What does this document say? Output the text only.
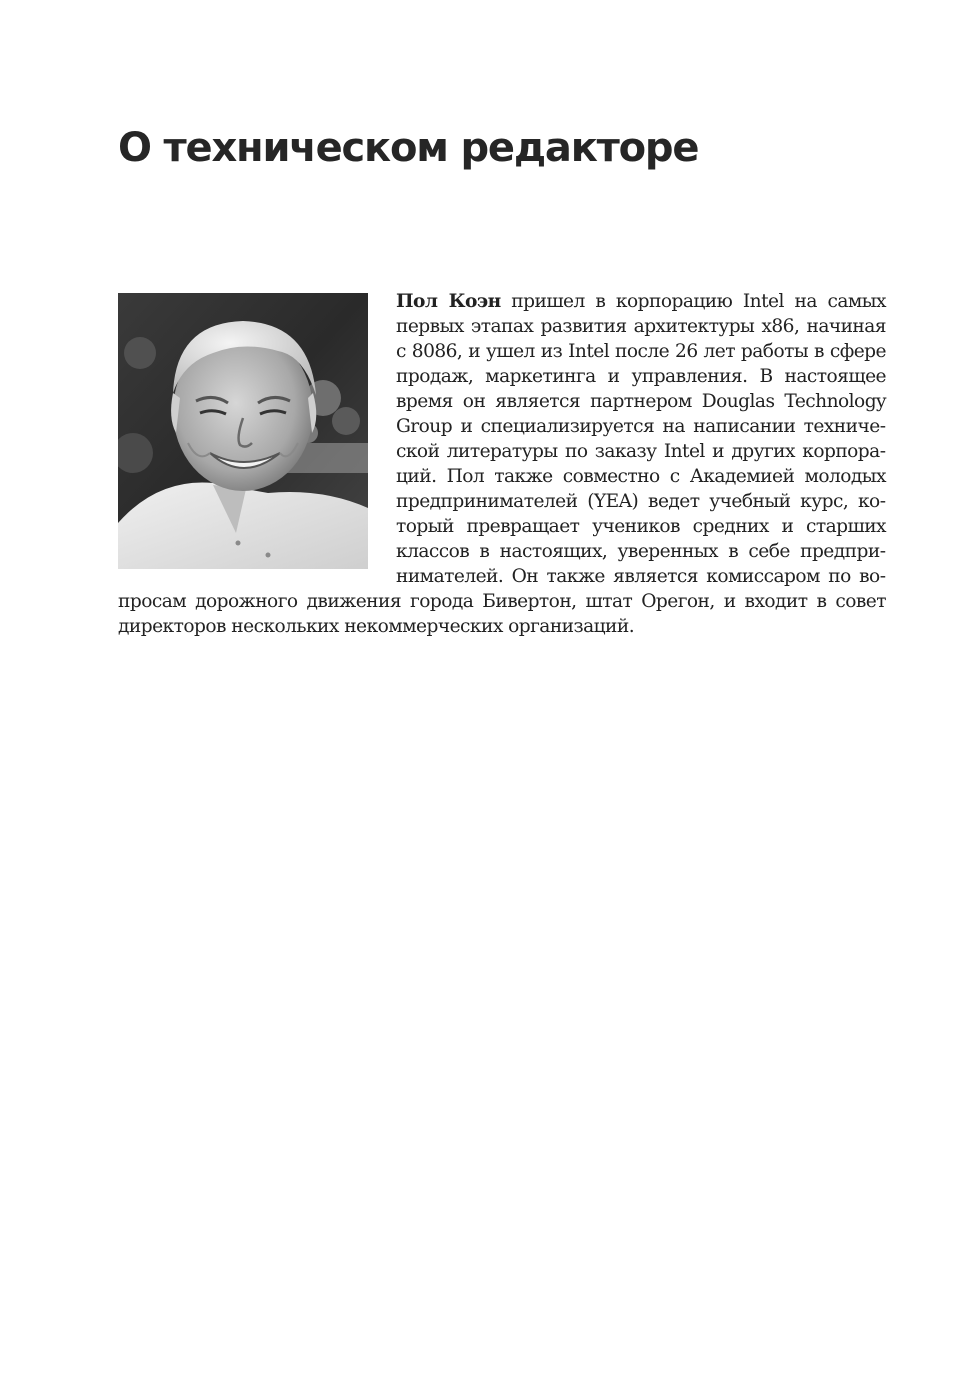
О техническом редакторе

Пол Коэн пришел в корпорацию Intel на самых первых этапах развития архитектуры x86, начиная с 8086, и ушел из Intel после 26 лет работы в сфере продаж, маркетинга и управления. В настоящее время он является партнером Douglas Technology Group и специализируется на написании технической литературы по заказу Intel и других корпораций. Пол также совместно с Академией молодых предпринимателей (YEA) ведет учебный курс, который превращает учеников средних и старших классов в настоящих, уверенных в себе предпринимателей. Он также является комиссаром по вопросам дорожного движения города Бивертон, штат Орегон, и входит в совет директоров нескольких некоммерческих организаций.
